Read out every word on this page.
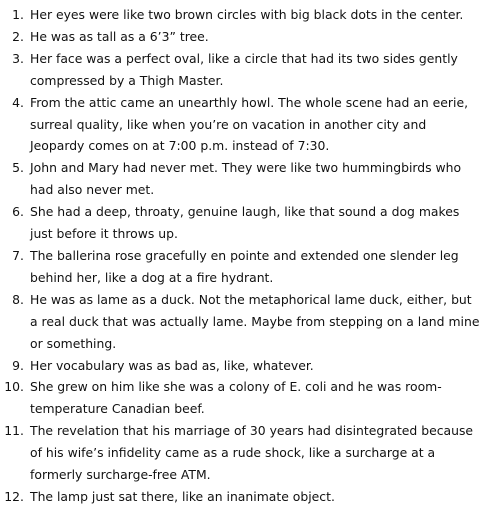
1. Her eyes were like two brown circles with big black dots in the center.
2. He was as tall as a 6’3” tree.
3. Her face was a perfect oval, like a circle that had its two sides gently compressed by a Thigh Master.
4. From the attic came an unearthly howl. The whole scene had an eerie, surreal quality, like when you’re on vacation in another city and Jeopardy comes on at 7:00 p.m. instead of 7:30.
5. John and Mary had never met. They were like two hummingbirds who had also never met.
6. She had a deep, throaty, genuine laugh, like that sound a dog makes just before it throws up.
7. The ballerina rose gracefully en pointe and extended one slender leg behind her, like a dog at a fire hydrant.
8. He was as lame as a duck. Not the metaphorical lame duck, either, but a real duck that was actually lame. Maybe from stepping on a land mine or something.
9. Her vocabulary was as bad as, like, whatever.
10. She grew on him like she was a colony of E. coli and he was room-temperature Canadian beef.
11. The revelation that his marriage of 30 years had disintegrated because of his wife’s infidelity came as a rude shock, like a surcharge at a formerly surcharge-free ATM.
12. The lamp just sat there, like an inanimate object.
